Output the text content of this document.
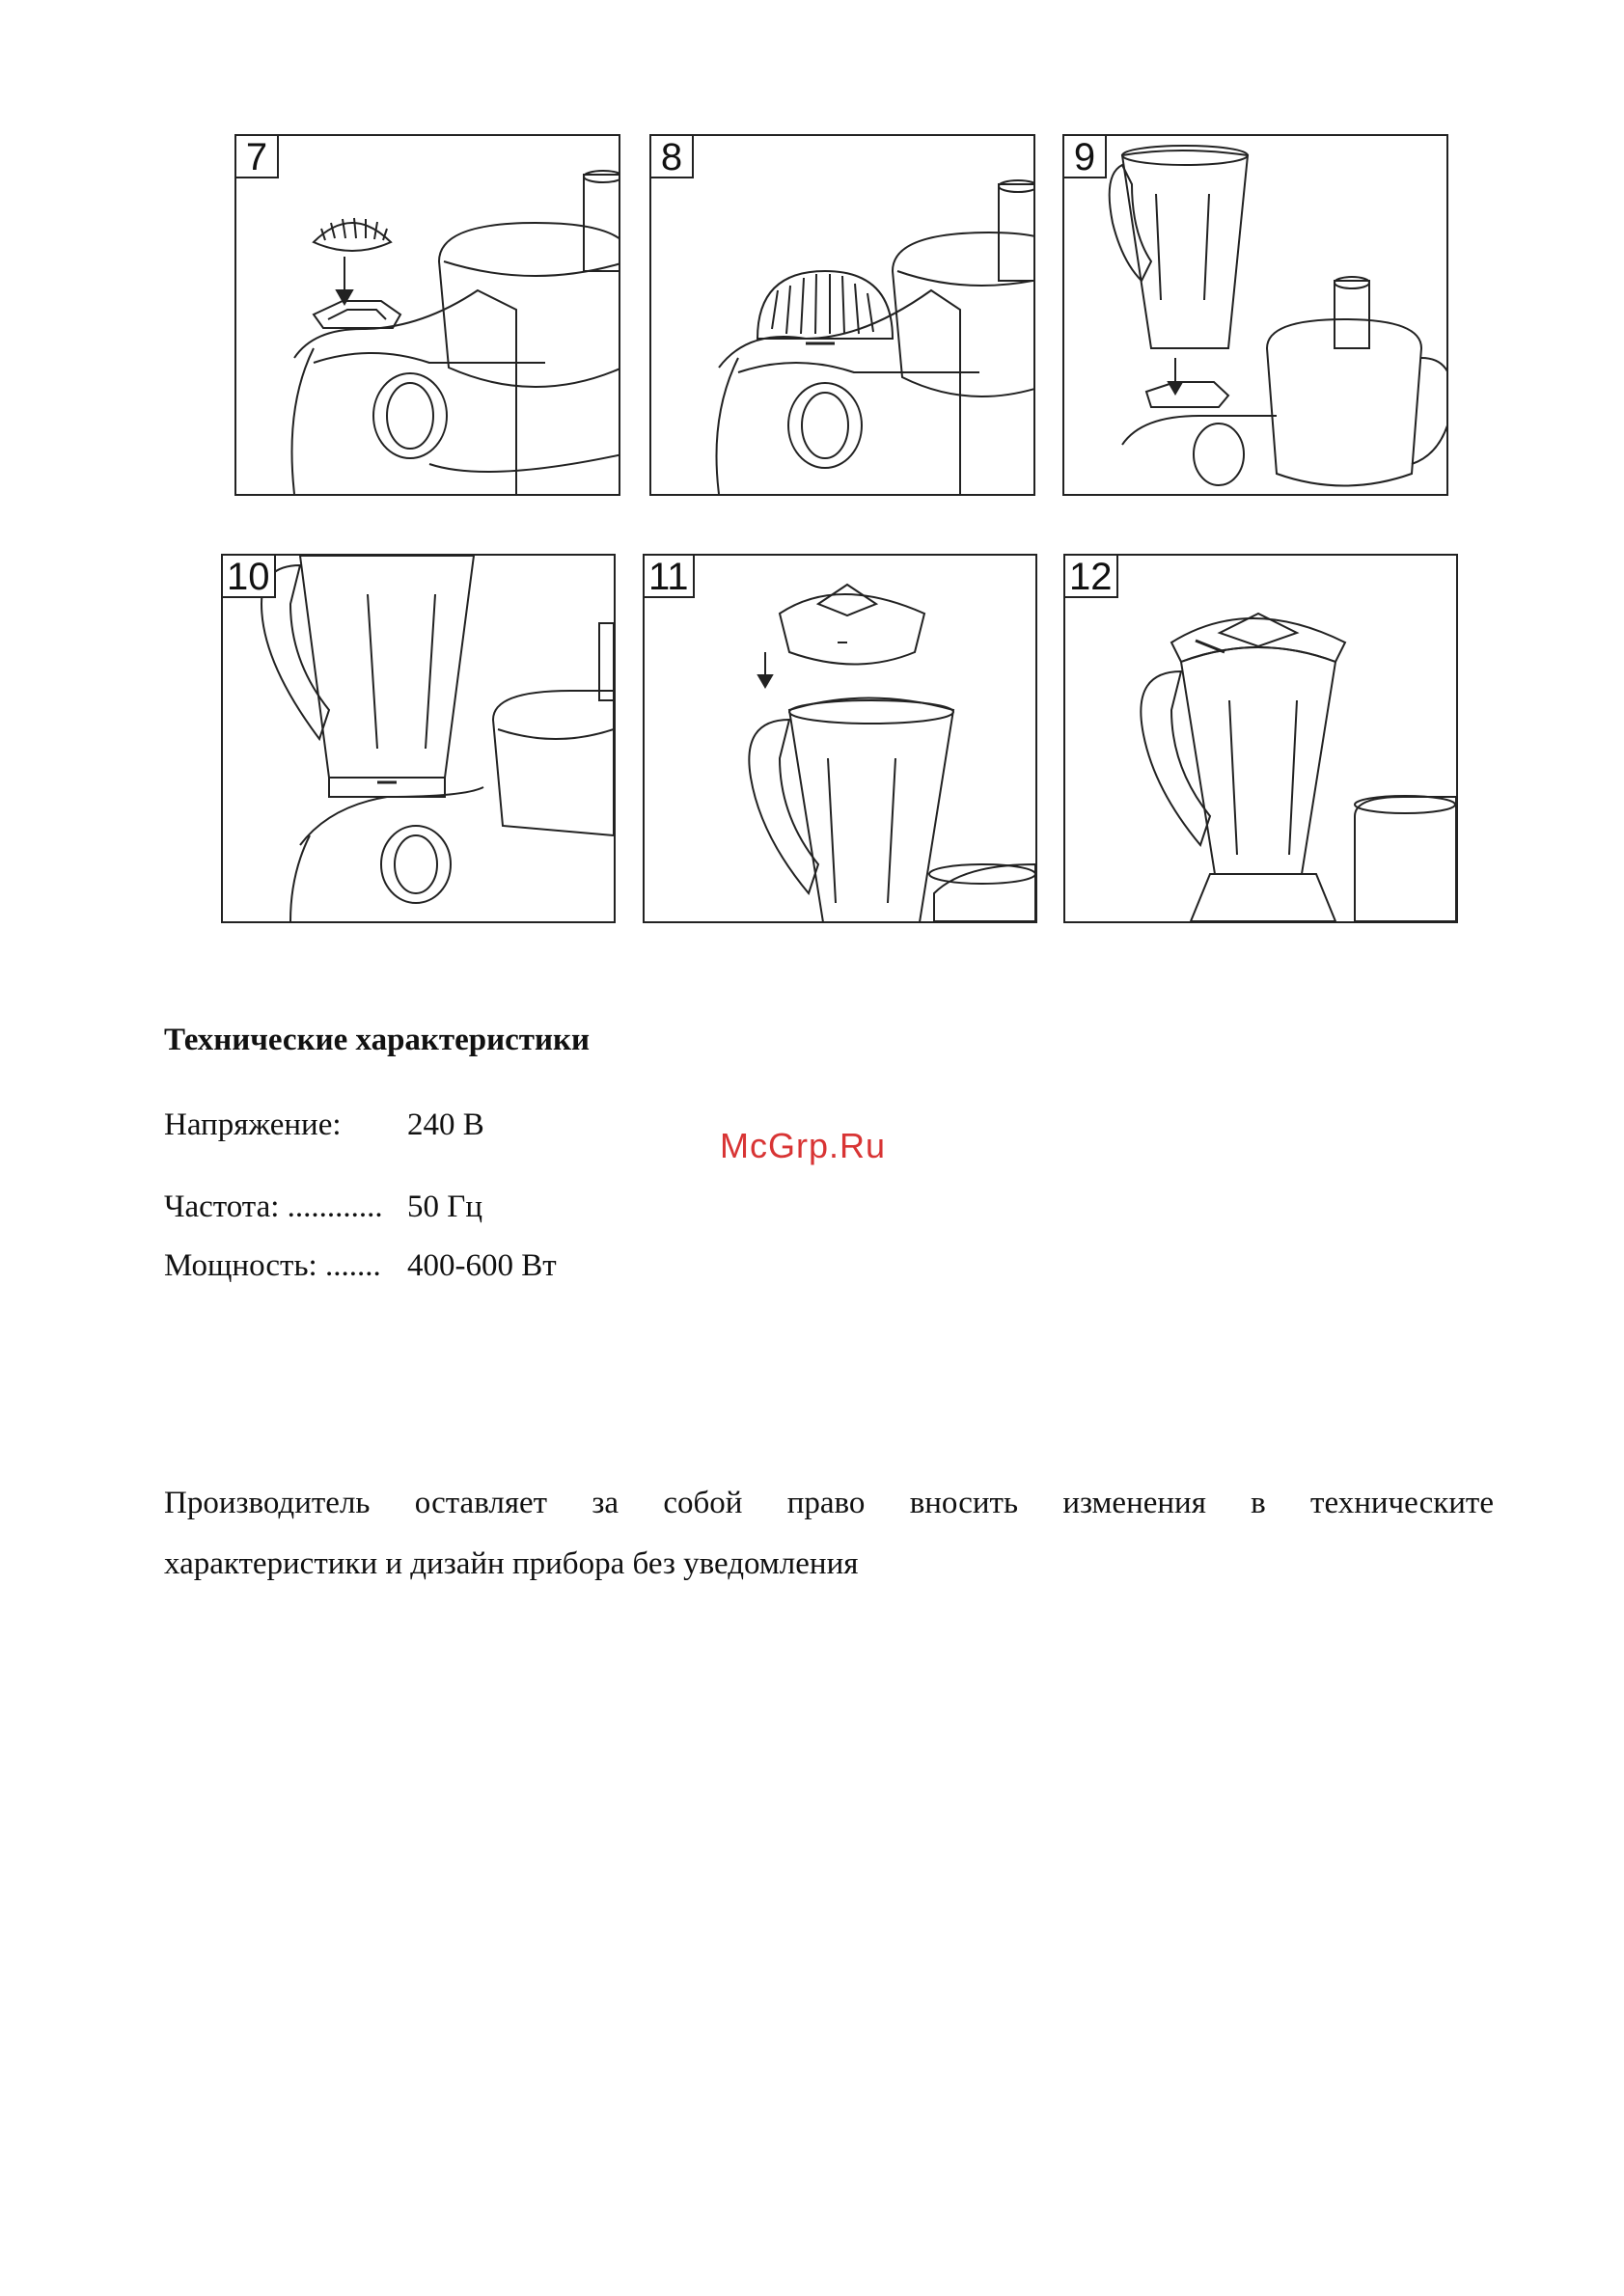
7	8	9
10	11	12
Технические характеристики
Напряжение: 240 В
McGrp.Ru
Частота: ............ 50 Гц
Мощность: ....... 400-600 Вт
Производитель оставляет за собой право вносить изменения в техническите
характеристики и дизайн прибора без уведомления
